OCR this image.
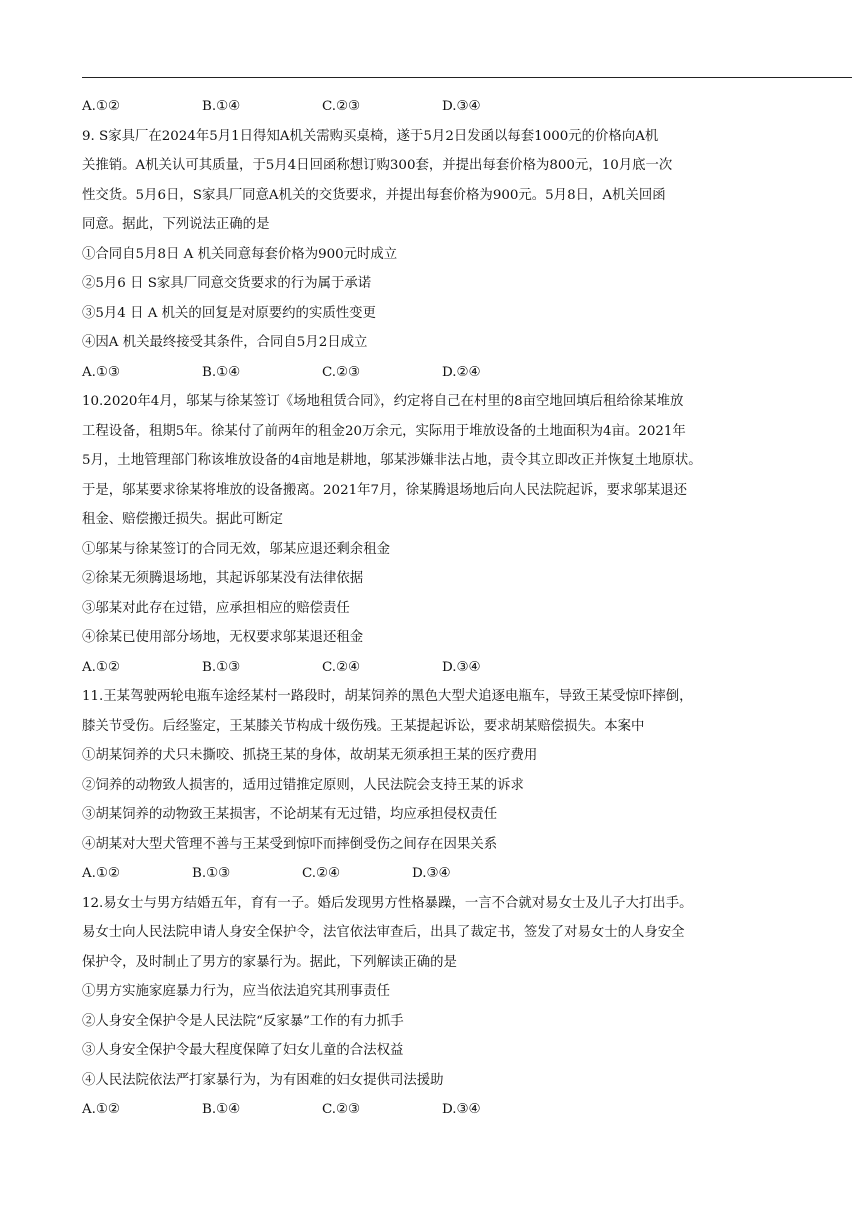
A.①②	B.①④	C.②③	D.③④
9. S家具厂在2024年5月1日得知A机关需购买桌椅，遂于5月2日发函以每套1000元的价格向A机
关推销。A机关认可其质量，于5月4日回函称想订购300套，并提出每套价格为800元，10月底一次
性交货。5月6日，S家具厂同意A机关的交货要求，并提出每套价格为900元。5月8日，A机关回函
同意。据此，下列说法正确的是
①合同自5月8日 A 机关同意每套价格为900元时成立
②5月6 日 S家具厂同意交货要求的行为属于承诺
③5月4 日 A 机关的回复是对原要约的实质性变更
④因A 机关最终接受其条件，合同自5月2日成立
A.①③	B.①④	C.②③	D.②④
10.2020年4月，邬某与徐某签订《场地租赁合同》，约定将自己在村里的8亩空地回填后租给徐某堆放
工程设备，租期5年。徐某付了前两年的租金20万余元，实际用于堆放设备的土地面积为4亩。2021年
5月，土地管理部门称该堆放设备的4亩地是耕地，邬某涉嫌非法占地，责令其立即改正并恢复土地原状。
于是，邬某要求徐某将堆放的设备搬离。2021年7月，徐某腾退场地后向人民法院起诉，要求邬某退还
租金、赔偿搬迁损失。据此可断定
①邬某与徐某签订的合同无效，邬某应退还剩余租金
②徐某无须腾退场地，其起诉邬某没有法律依据
③邬某对此存在过错，应承担相应的赔偿责任
④徐某已使用部分场地，无权要求邬某退还租金
A.①②	B.①③	C.②④	D.③④
11.王某驾驶两轮电瓶车途经某村一路段时，胡某饲养的黑色大型犬追逐电瓶车，导致王某受惊吓摔倒，
膝关节受伤。后经鉴定，王某膝关节构成十级伤残。王某提起诉讼，要求胡某赔偿损失。本案中
①胡某饲养的犬只未撕咬、抓挠王某的身体，故胡某无须承担王某的医疗费用
②饲养的动物致人损害的，适用过错推定原则，人民法院会支持王某的诉求
③胡某饲养的动物致王某损害，不论胡某有无过错，均应承担侵权责任
④胡某对大型犬管理不善与王某受到惊吓而摔倒受伤之间存在因果关系
A.①②	B.①③	C.②④	D.③④
12.易女士与男方结婚五年，育有一子。婚后发现男方性格暴躁，一言不合就对易女士及儿子大打出手。
易女士向人民法院申请人身安全保护令，法官依法审查后，出具了裁定书，签发了对易女士的人身安全
保护令，及时制止了男方的家暴行为。据此，下列解读正确的是
①男方实施家庭暴力行为，应当依法追究其刑事责任
②人身安全保护令是人民法院“反家暴”工作的有力抓手
③人身安全保护令最大程度保障了妇女儿童的合法权益
④人民法院依法严打家暴行为，为有困难的妇女提供司法援助
A.①②	B.①④	C.②③	D.③④
